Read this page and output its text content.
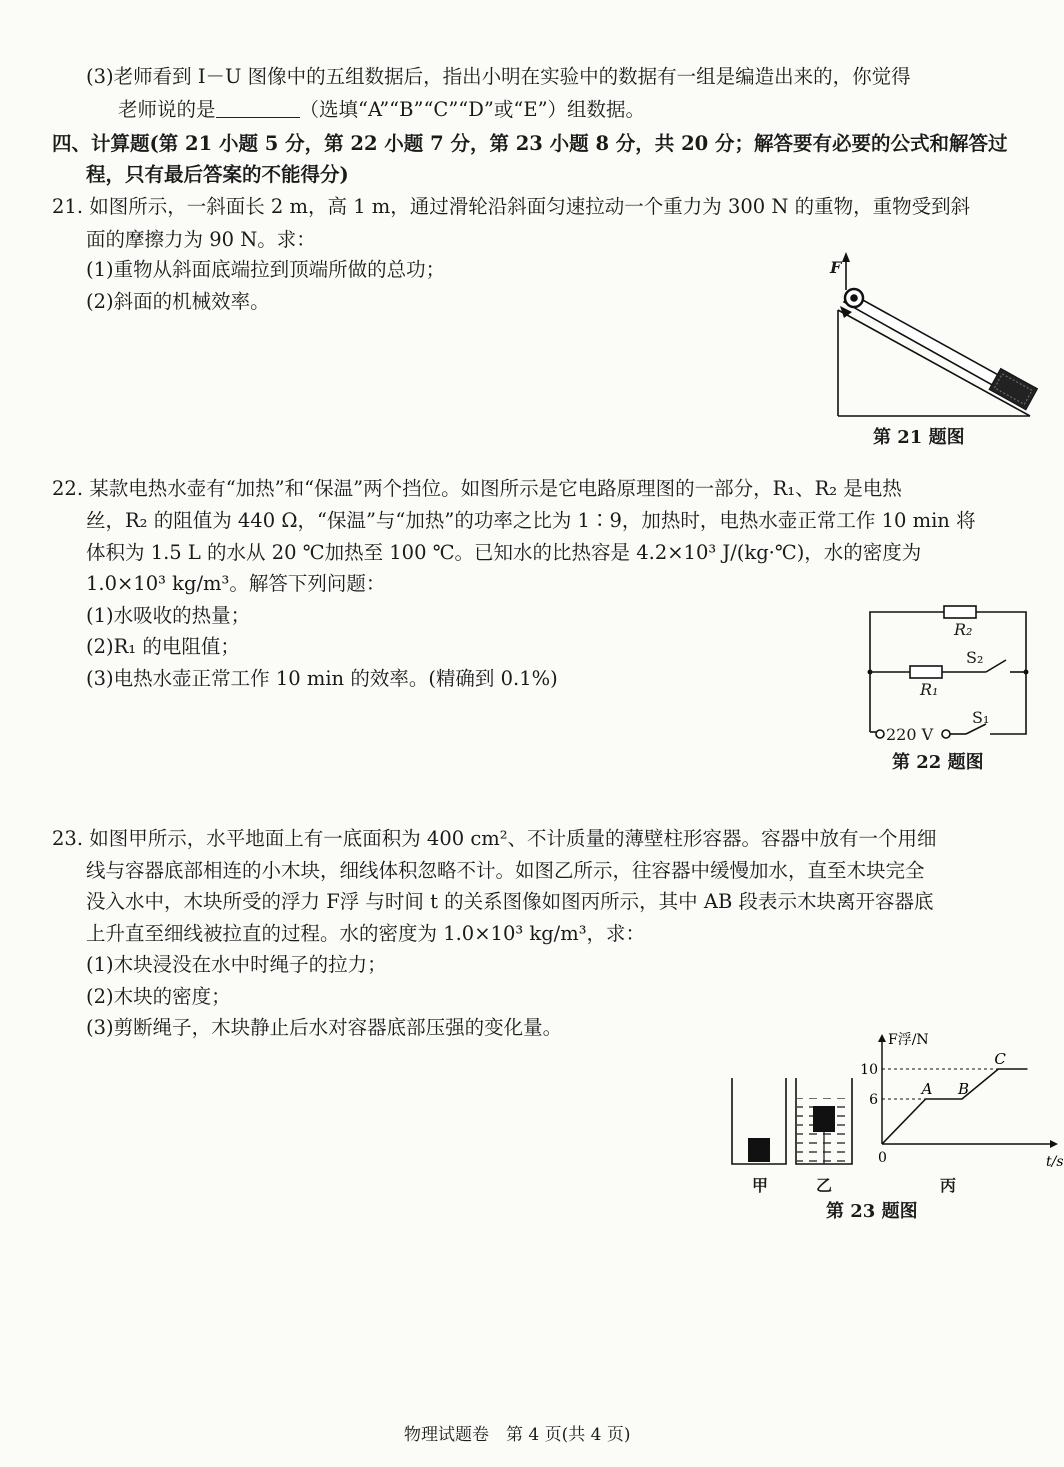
(3)老师看到 I－U 图像中的五组数据后，指出小明在实验中的数据有一组是编造出来的，你觉得
老师说的是	（选填“A”“B”“C”“D”或“E”）组数据。
四、计算题(第 21 小题 5 分，第 22 小题 7 分，第 23 小题 8 分，共 20 分；解答要有必要的公式和解答过
程，只有最后答案的不能得分)
21. 如图所示，一斜面长 2 m，高 1 m，通过滑轮沿斜面匀速拉动一个重力为 300 N 的重物，重物受到斜
面的摩擦力为 90 N。求：
(1)重物从斜面底端拉到顶端所做的总功；
(2)斜面的机械效率。
F
第 21 题图
22. 某款电热水壶有“加热”和“保温”两个挡位。如图所示是它电路原理图的一部分，R₁、R₂ 是电热
丝，R₂ 的阻值为 440 Ω，“保温”与“加热”的功率之比为 1∶9，加热时，电热水壶正常工作 10 min 将
体积为 1.5 L 的水从 20 ℃加热至 100 ℃。已知水的比热容是 4.2×10³ J/(kg·℃)，水的密度为
1.0×10³ kg/m³。解答下列问题：
(1)水吸收的热量；
(2)R₁ 的电阻值；
(3)电热水壶正常工作 10 min 的效率。(精确到 0.1%)
R₂
R₁
S₂
S₁
220 V
第 22 题图
23. 如图甲所示，水平地面上有一底面积为 400 cm²、不计质量的薄壁柱形容器。容器中放有一个用细
线与容器底部相连的小木块，细线体积忽略不计。如图乙所示，往容器中缓慢加水，直至木块完全
没入水中，木块所受的浮力 F浮 与时间 t 的关系图像如图丙所示，其中 AB 段表示木块离开容器底
上升直至细线被拉直的过程。水的密度为 1.0×10³ kg/m³，求：
(1)木块浸没在水中时绳子的拉力；
(2)木块的密度；
(3)剪断绳子，木块静止后水对容器底部压强的变化量。
甲	乙	丙
10
6
A B
C
F浮/N
t/s
0
第 23 题图
物理试题卷　第 4 页(共 4 页)
